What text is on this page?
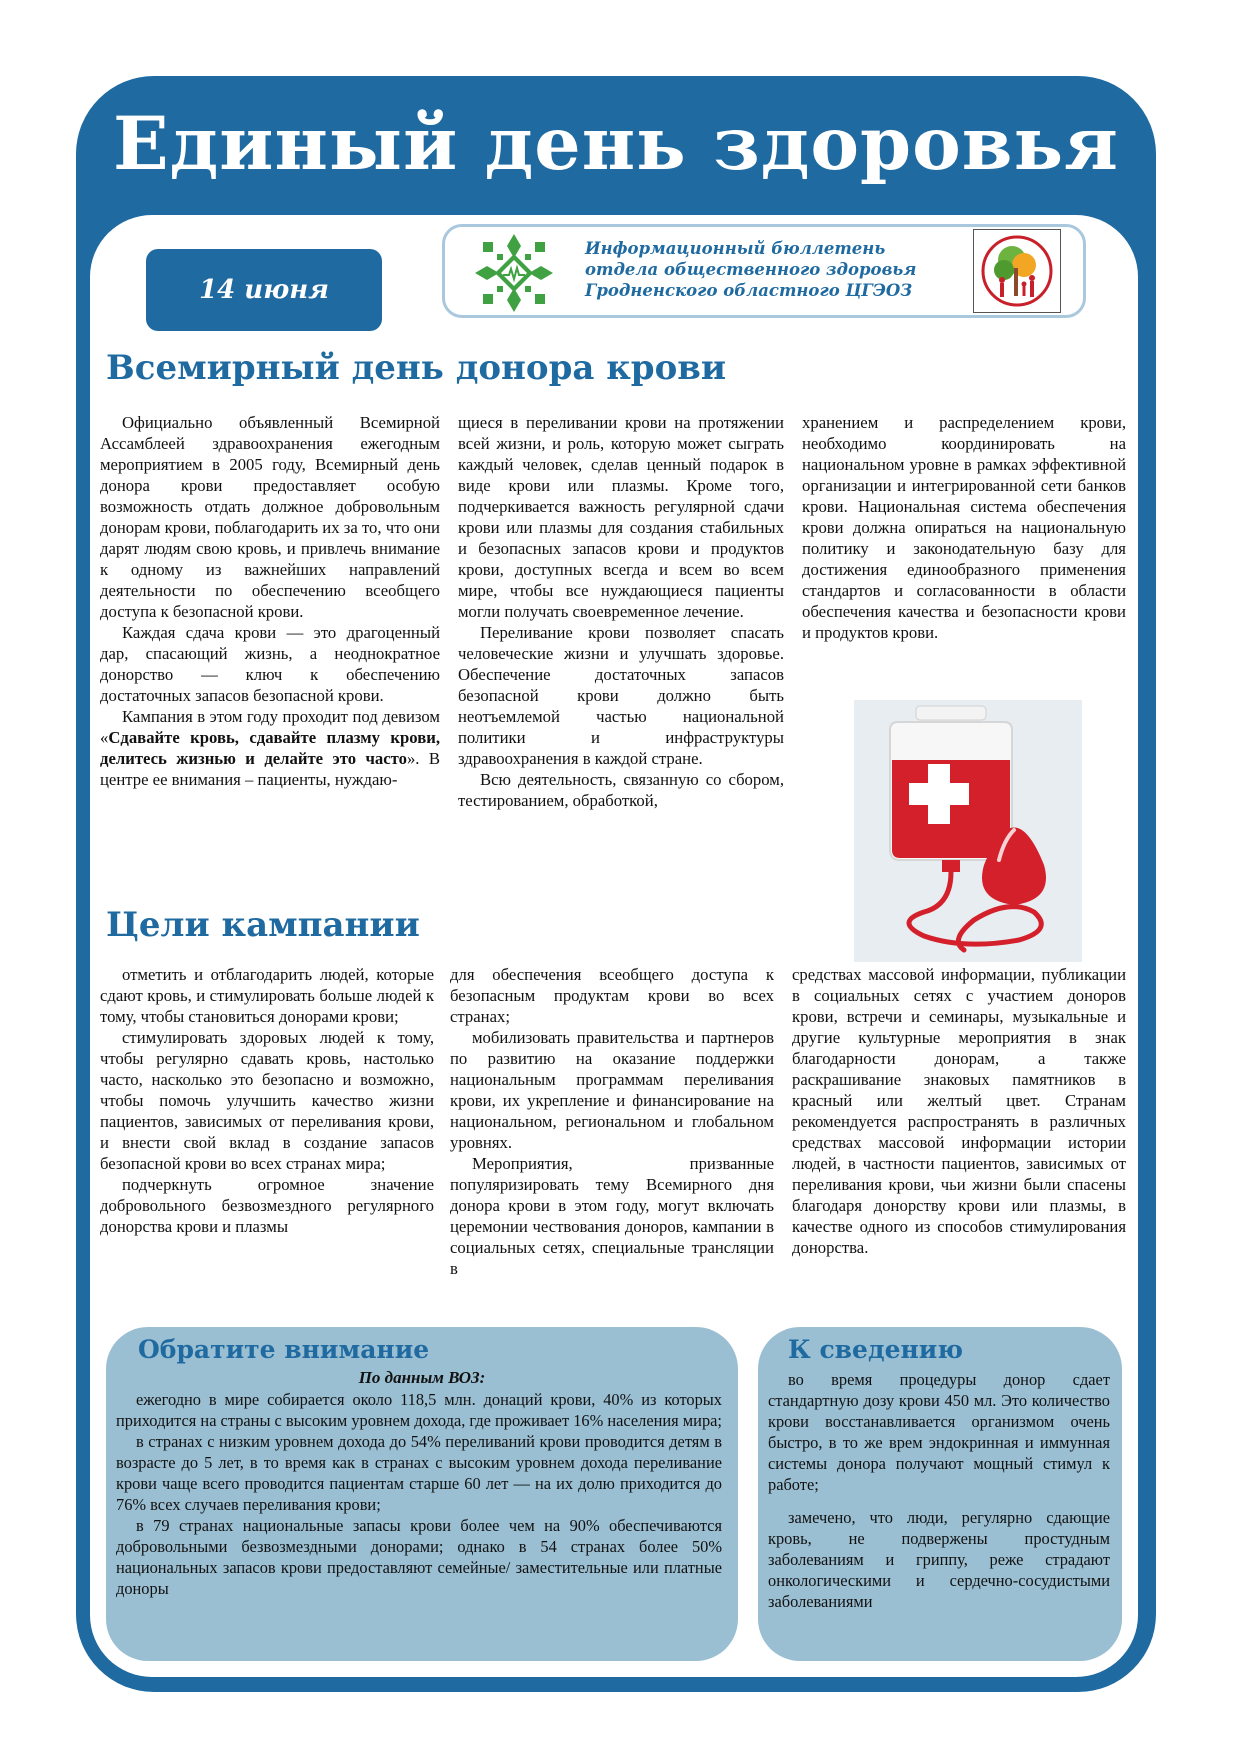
Единый день здоровья
14 июня

Информационный бюллетень
отдела общественного здоровья
Гродненского областного ЦГЭОЗ

Всемирный день донора крови

Официально объявленный Всемирной Ассамблеей здравоохранения ежегодным мероприятием в 2005 году, Всемирный день донора крови предоставляет особую возможность отдать должное добровольным донорам крови, поблагодарить их за то, что они дарят людям свою кровь, и привлечь внимание к одному из важнейших направлений деятельности по обеспечению всеобщего доступа к безопасной крови.

Каждая сдача крови — это драгоценный дар, спасающий жизнь, а неоднократное донорство — ключ к обеспечению достаточных запасов безопасной крови.

Кампания в этом году проходит под девизом «Сдавайте кровь, сдавайте плазму крови, делитесь жизнью и делайте это часто». В центре ее внимания – пациенты, нуждаю-

щиеся в переливании крови на протяжении всей жизни, и роль, которую может сыграть каждый человек, сделав ценный подарок в виде крови или плазмы. Кроме того, подчеркивается важность регулярной сдачи крови или плазмы для создания стабильных и безопасных запасов крови и продуктов крови, доступных всегда и всем во всем мире, чтобы все нуждающиеся пациенты могли получать своевременное лечение.

Переливание крови позволяет спасать человеческие жизни и улучшать здоровье. Обеспечение достаточных запасов безопасной крови должно быть неотъемлемой частью национальной политики и инфраструктуры здравоохранения в каждой стране.

Всю деятельность, связанную со сбором, тестированием, обработкой,

хранением и распределением крови, необходимо координировать на национальном уровне в рамках эффективной организации и интегрированной сети банков крови. Национальная система обеспечения крови должна опираться на национальную политику и законодательную базу для достижения единообразного применения стандартов и согласованности в области обеспечения качества и безопасности крови и продуктов крови.

Цели кампании

отметить и отблагодарить людей, которые сдают кровь, и стимулировать больше людей к тому, чтобы становиться донорами крови;

стимулировать здоровых людей к тому, чтобы регулярно сдавать кровь, настолько часто, насколько это безопасно и возможно, чтобы помочь улучшить качество жизни пациентов, зависимых от переливания крови, и внести свой вклад в создание запасов безопасной крови во всех странах мира;

подчеркнуть огромное значение добровольного безвозмездного регулярного донорства крови и плазмы

для обеспечения всеобщего доступа к безопасным продуктам крови во всех странах;

мобилизовать правительства и партнеров по развитию на оказание поддержки национальным программам переливания крови, их укрепление и финансирование на национальном, региональном и глобальном уровнях.

Мероприятия, призванные популяризировать тему Всемирного дня донора крови в этом году, могут включать церемонии чествования доноров, кампании в социальных сетях, специальные трансляции в

средствах массовой информации, публикации в социальных сетях с участием доноров крови, встречи и семинары, музыкальные и другие культурные мероприятия в знак благодарности донорам, а также раскрашивание знаковых памятников в красный или желтый цвет. Странам рекомендуется распространять в различных средствах массовой информации истории людей, в частности пациентов, зависимых от переливания крови, чьи жизни были спасены благодаря донорству крови или плазмы, в качестве одного из способов стимулирования донорства.

Обратите внимание

По данным ВОЗ:

ежегодно в мире собирается около 118,5 млн. донаций крови, 40% из которых приходится на страны с высоким уровнем дохода, где проживает 16% населения мира;

в странах с низким уровнем дохода до 54% переливаний крови проводится детям в возрасте до 5 лет, в то время как в странах с высоким уровнем дохода переливание крови чаще всего проводится пациентам старше 60 лет — на их долю приходится до 76% всех случаев переливания крови;

в 79 странах национальные запасы крови более чем на 90% обеспечиваются добровольными безвозмездными донорами; однако в 54 странах более 50% национальных запасов крови предоставляют семейные/ заместительные или платные доноры

К сведению

во время процедуры донор сдает стандартную дозу крови 450 мл. Это количество крови восстанавливается организмом очень быстро, в то же врем эндокринная и иммунная системы донора получают мощный стимул к работе;

замечено, что люди, регулярно сдающие кровь, не подвержены простудным заболеваниям и гриппу, реже страдают онкологическими и сердечно-сосудистыми заболеваниями
